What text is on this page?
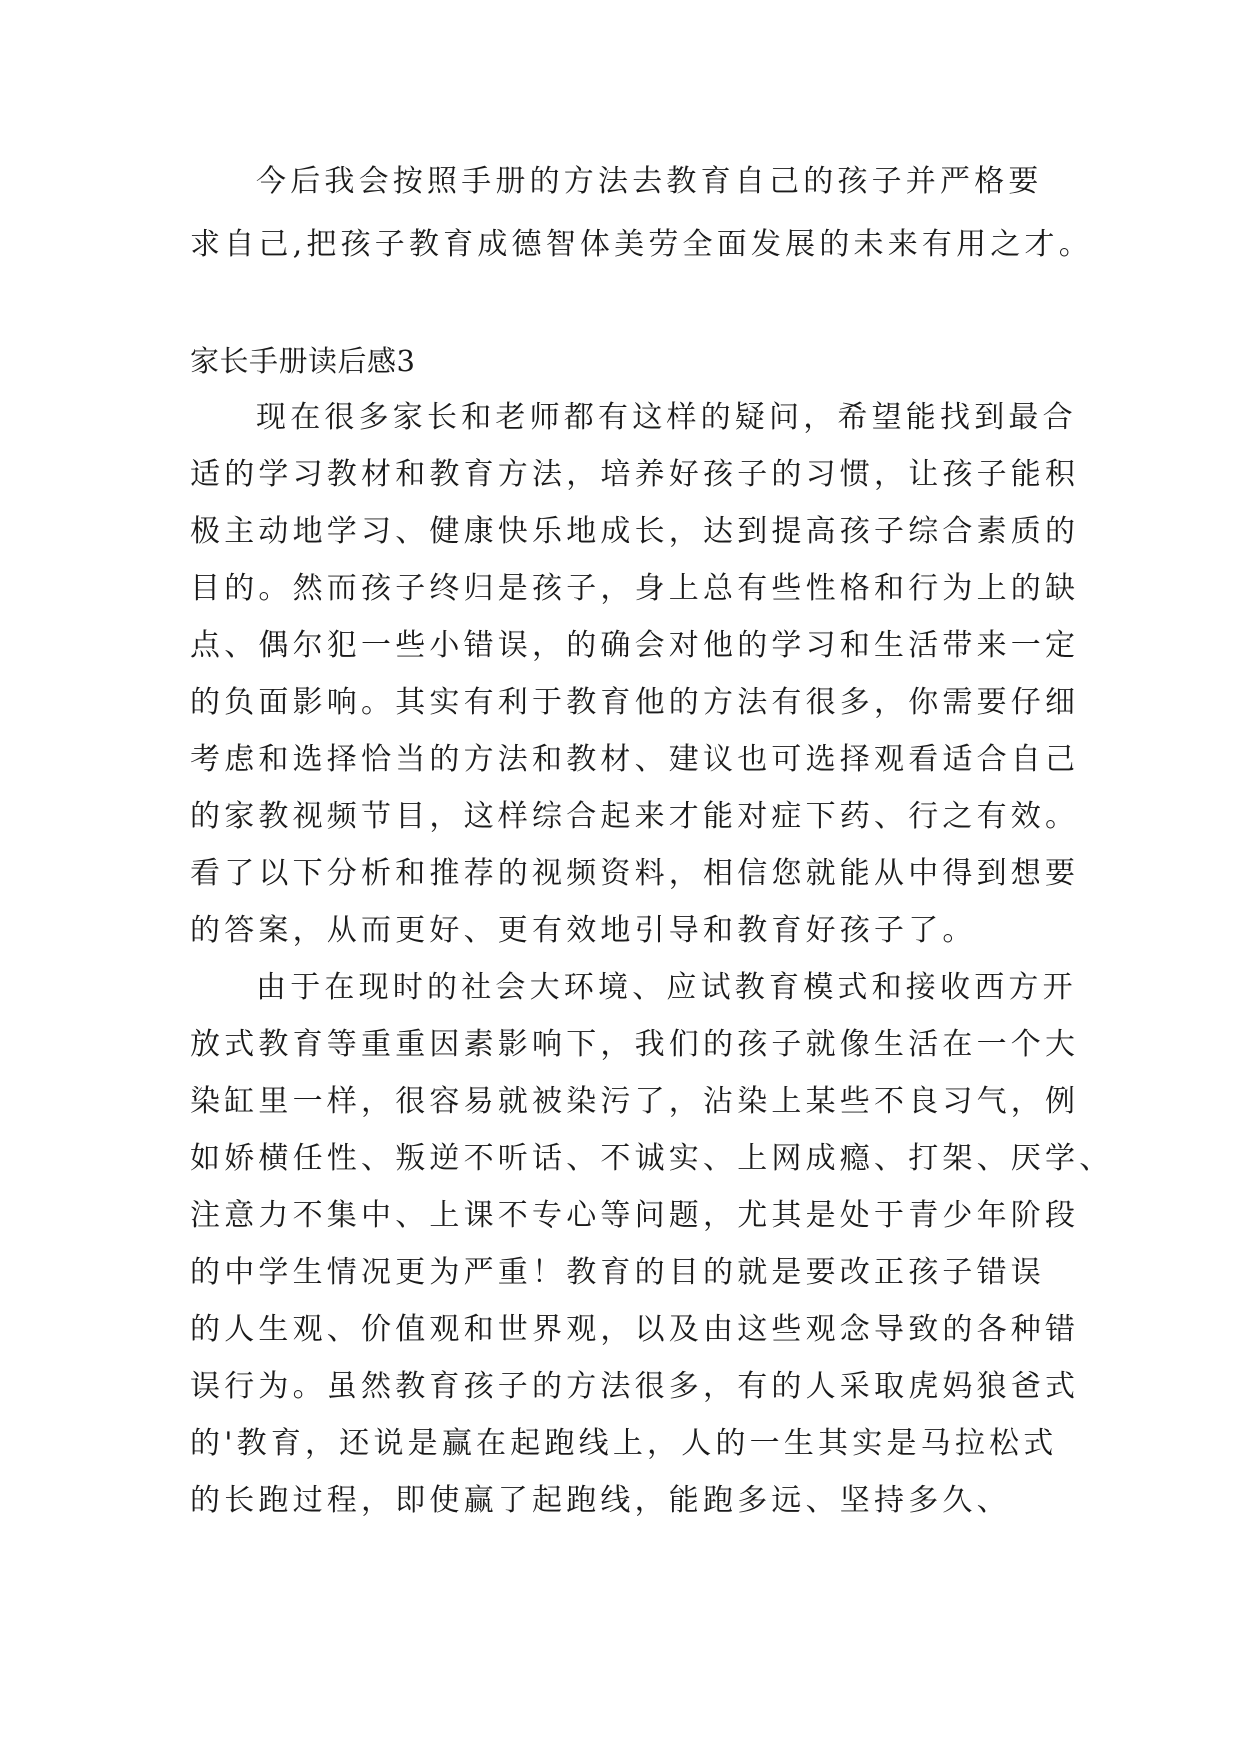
今后我会按照手册的方法去教育自己的孩子并严格要
求自己,把孩子教育成德智体美劳全面发展的未来有用之才。
家长手册读后感3
现在很多家长和老师都有这样的疑问，希望能找到最合
适的学习教材和教育方法，培养好孩子的习惯，让孩子能积
极主动地学习、健康快乐地成长，达到提高孩子综合素质的
目的。然而孩子终归是孩子，身上总有些性格和行为上的缺
点、偶尔犯一些小错误，的确会对他的学习和生活带来一定
的负面影响。其实有利于教育他的方法有很多，你需要仔细
考虑和选择恰当的方法和教材、建议也可选择观看适合自己
的家教视频节目，这样综合起来才能对症下药、行之有效。
看了以下分析和推荐的视频资料，相信您就能从中得到想要
的答案，从而更好、更有效地引导和教育好孩子了。
由于在现时的社会大环境、应试教育模式和接收西方开
放式教育等重重因素影响下，我们的孩子就像生活在一个大
染缸里一样，很容易就被染污了，沾染上某些不良习气，例
如娇横任性、叛逆不听话、不诚实、上网成瘾、打架、厌学、
注意力不集中、上课不专心等问题，尤其是处于青少年阶段
的中学生情况更为严重！教育的目的就是要改正孩子错误
的人生观、价值观和世界观，以及由这些观念导致的各种错
误行为。虽然教育孩子的方法很多，有的人采取虎妈狼爸式
的'教育，还说是赢在起跑线上，人的一生其实是马拉松式
的长跑过程，即使赢了起跑线，能跑多远、坚持多久、
